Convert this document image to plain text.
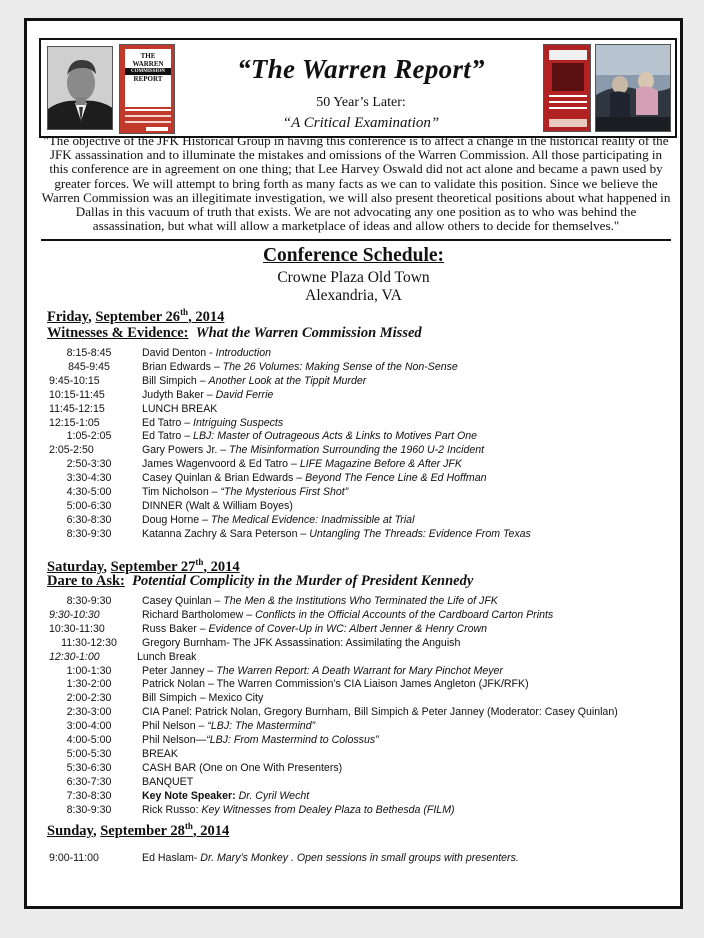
THE
WARREN
COMMISSION
REPORT	“The Warren Report”
50 Year’s Later:
“A Critical Examination”
"The objective of the JFK Historical Group in having this conference is to affect a change in the historical reality of the JFK assassination and to illuminate the mistakes and omissions of the Warren Commission. All those participating in this conference are in agreement on one thing; that Lee Harvey Oswald did not act alone and became a pawn used by greater forces. We will attempt to bring forth as many facts as we can to validate this position. Since we believe the Warren Commission was an illegitimate investigation, we will also present theoretical positions about what happened in Dallas in this vacuum of truth that exists. We are not advocating any one position as to who was behind the assassination, but what will allow a marketplace of ideas and allow others to decide for themselves."
Conference Schedule:
Crowne Plaza Old Town
Alexandria, VA
Friday, September 26th, 2014
Witnesses & Evidence: What the Warren Commission Missed
8:15-8:45	David Denton - Introduction
845-9:45	Brian Edwards – The 26 Volumes: Making Sense of the Non-Sense
9:45-10:15	Bill Simpich – Another Look at the Tippit Murder
10:15-11:45	Judyth Baker – David Ferrie
11:45-12:15	LUNCH BREAK
12:15-1:05	Ed Tatro – Intriguing Suspects
1:05-2:05	Ed Tatro – LBJ: Master of Outrageous Acts & Links to Motives Part One
2:05-2:50	Gary Powers Jr. – The Misinformation Surrounding the 1960 U-2 Incident
2:50-3:30	James Wagenvoord & Ed Tatro – LIFE Magazine Before & After JFK
3:30-4:30	Casey Quinlan & Brian Edwards – Beyond The Fence Line & Ed Hoffman
4:30-5:00	Tim Nicholson – “The Mysterious First Shot”
5:00-6:30	DINNER (Walt & William Boyes)
6:30-8:30	Doug Horne – The Medical Evidence: Inadmissible at Trial
8:30-9:30	Katanna Zachry & Sara Peterson – Untangling The Threads: Evidence From Texas
Saturday, September 27th, 2014
Dare to Ask: Potential Complicity in the Murder of President Kennedy
8:30-9:30	Casey Quinlan – The Men & the Institutions Who Terminated the Life of JFK
9:30-10:30	Richard Bartholomew – Conflicts in the Official Accounts of the Cardboard Carton Prints
10:30-11:30	Russ Baker – Evidence of Cover-Up in WC: Albert Jenner & Henry Crown
11:30-12:30	Gregory Burnham- The JFK Assassination: Assimilating the Anguish
12:30-1:00	Lunch Break
1:00-1:30	Peter Janney – The Warren Report: A Death Warrant for Mary Pinchot Meyer
1:30-2:00	Patrick Nolan – The Warren Commission’s CIA Liaison James Angleton (JFK/RFK)
2:00-2:30	Bill Simpich – Mexico City
2:30-3:00	CIA Panel: Patrick Nolan, Gregory Burnham, Bill Simpich & Peter Janney (Moderator: Casey Quinlan)
3:00-4:00	Phil Nelson – “LBJ: The Mastermind”
4:00-5:00	Phil Nelson—“LBJ: From Mastermind to Colossus”
5:00-5:30	BREAK
5:30-6:30	CASH BAR (One on One With Presenters)
6:30-7:30	BANQUET
7:30-8:30	Key Note Speaker: Dr. Cyril Wecht
8:30-9:30	Rick Russo: Key Witnesses from Dealey Plaza to Bethesda (FILM)
Sunday, September 28th, 2014
9:00-11:00	Ed Haslam- Dr. Mary’s Monkey . Open sessions in small groups with presenters.
